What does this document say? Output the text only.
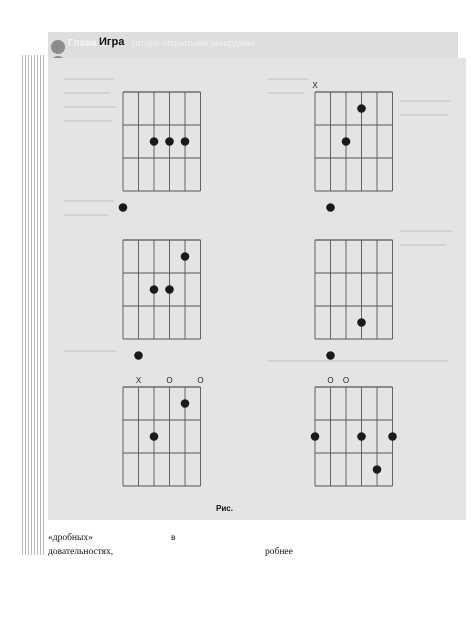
Глава 1.
Игра гитаре открытыми аккордами
X
X	O	O	O O
Рис.
«дробных»	в
довательностях,	робнее
